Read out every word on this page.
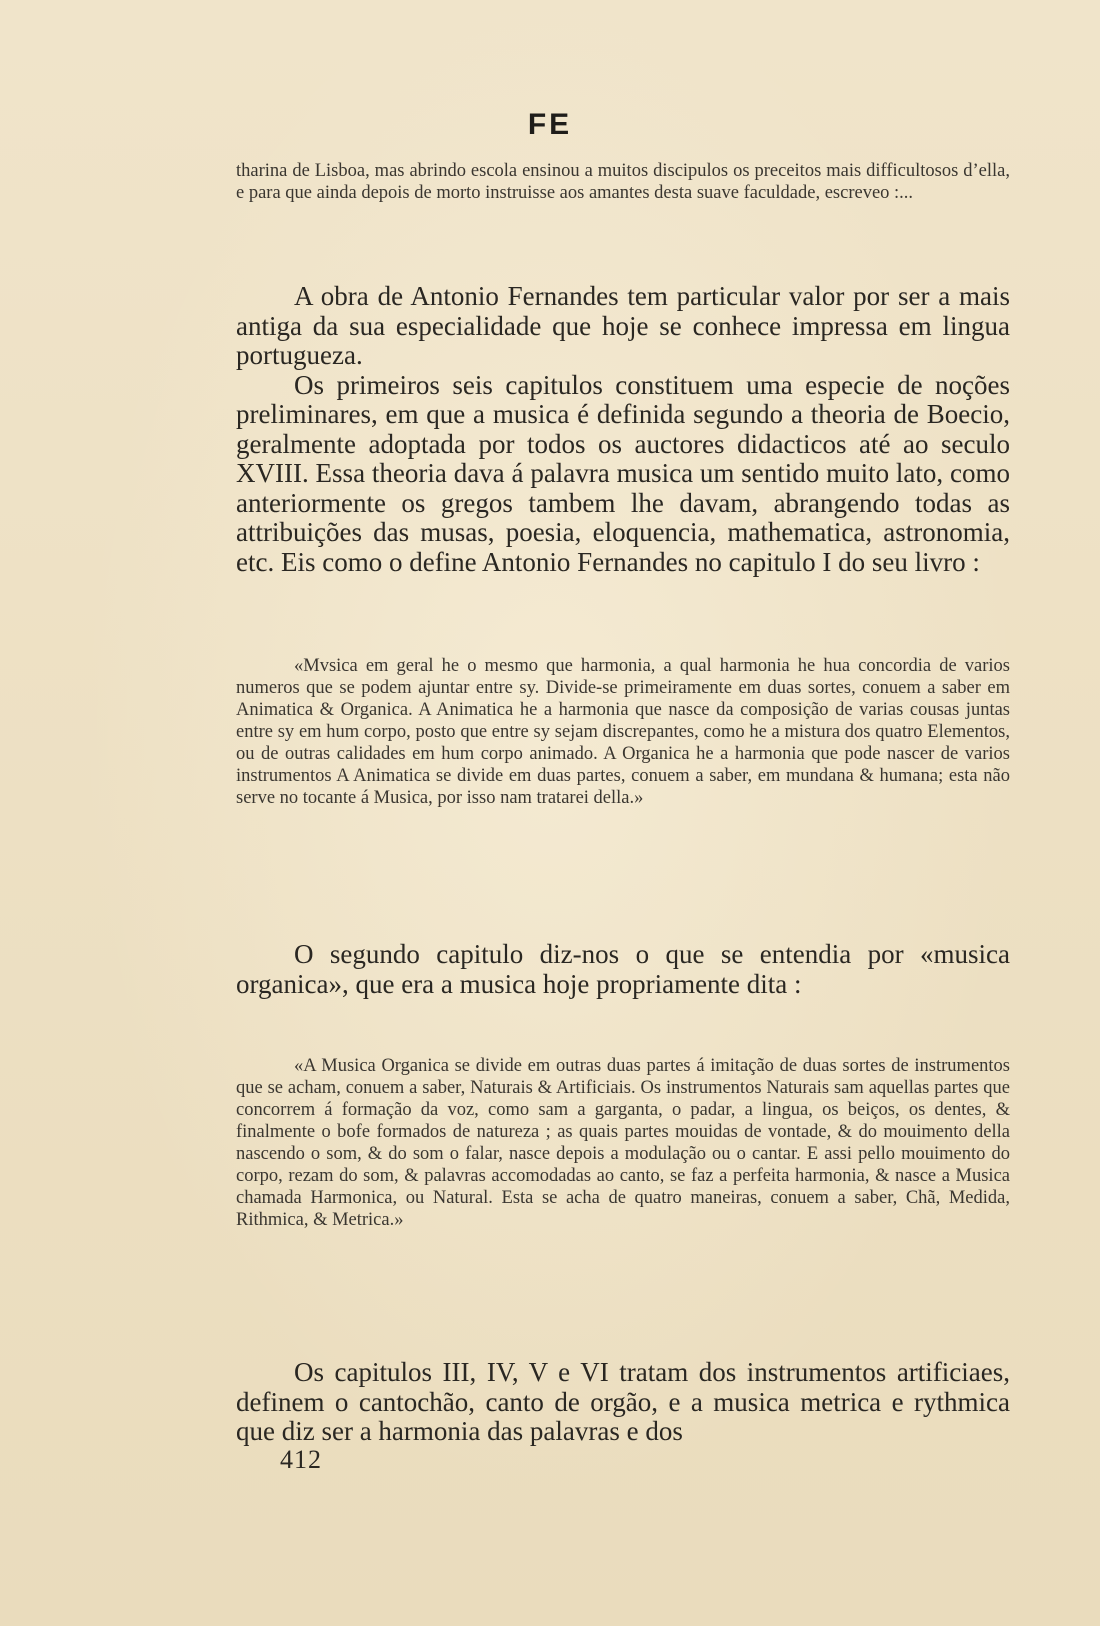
FE

tharina de Lisboa, mas abrindo escola ensinou a muitos discipulos os preceitos mais difficultosos d’ella, e para que ainda depois de morto instruisse aos amantes desta suave faculdade, escreveo :...

A obra de Antonio Fernandes tem particular valor por ser a mais antiga da sua especialidade que hoje se conhece impressa em lingua portugueza.

Os primeiros seis capitulos constituem uma especie de noções preliminares, em que a musica é definida segundo a theoria de Boecio, geralmente adoptada por todos os auctores didacticos até ao seculo XVIII. Essa theoria dava á palavra musica um sentido muito lato, como anteriormente os gregos tambem lhe davam, abrangendo todas as attribuições das musas, poesia, eloquencia, mathematica, astronomia, etc. Eis como o define Antonio Fernandes no capitulo I do seu livro :

«Mvsica em geral he o mesmo que harmonia, a qual harmonia he hua concordia de varios numeros que se podem ajuntar entre sy. Divide-se primeiramente em duas sortes, conuem a saber em Animatica & Organica. A Animatica he a harmonia que nasce da composição de varias cousas juntas entre sy em hum corpo, posto que entre sy sejam discrepantes, como he a mistura dos quatro Elementos, ou de outras calidades em hum corpo animado. A Organica he a harmonia que pode nascer de varios instrumentos A Animatica se divide em duas partes, conuem a saber, em mundana & humana; esta não serve no tocante á Musica, por isso nam tratarei della.»

O segundo capitulo diz-nos o que se entendia por «musica organica», que era a musica hoje propriamente dita :

«A Musica Organica se divide em outras duas partes á imitação de duas sortes de instrumentos que se acham, conuem a saber, Naturais & Artificiais. Os instrumentos Naturais sam aquellas partes que concorrem á formação da voz, como sam a garganta, o padar, a lingua, os beiços, os dentes, & finalmente o bofe formados de natureza ; as quais partes mouidas de vontade, & do mouimento della nascendo o som, & do som o falar, nasce depois a modulação ou o cantar. E assi pello mouimento do corpo, rezam do som, & palavras accomodadas ao canto, se faz a perfeita harmonia, & nasce a Musica chamada Harmonica, ou Natural. Esta se acha de quatro maneiras, conuem a saber, Chã, Medida, Rithmica, & Metrica.»

Os capitulos III, IV, V e VI tratam dos instrumentos artificiaes, definem o cantochão, canto de orgão, e a musica metrica e rythmica que diz ser a harmonia das palavras e dos

412
